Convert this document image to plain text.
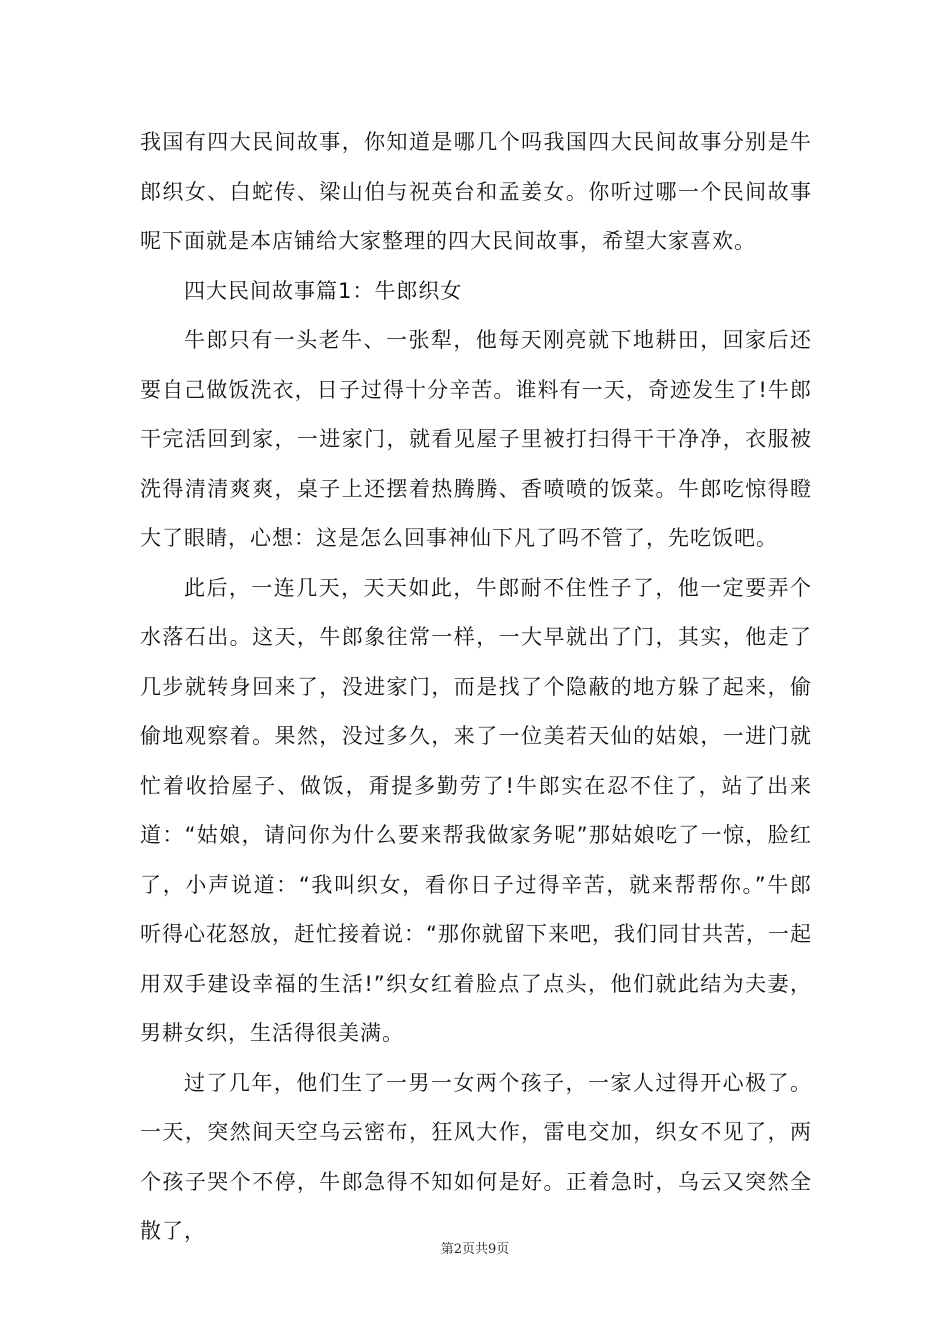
我国有四大民间故事，你知道是哪几个吗我国四大民间故事分别是牛郎织女、白蛇传、梁山伯与祝英台和孟姜女。你听过哪一个民间故事呢下面就是本店铺给大家整理的四大民间故事，希望大家喜欢。

四大民间故事篇1：牛郎织女

牛郎只有一头老牛、一张犁，他每天刚亮就下地耕田，回家后还要自己做饭洗衣，日子过得十分辛苦。谁料有一天，奇迹发生了!牛郎干完活回到家，一进家门，就看见屋子里被打扫得干干净净，衣服被洗得清清爽爽，桌子上还摆着热腾腾、香喷喷的饭菜。牛郎吃惊得瞪大了眼睛，心想：这是怎么回事神仙下凡了吗不管了，先吃饭吧。

此后，一连几天，天天如此，牛郎耐不住性子了，他一定要弄个水落石出。这天，牛郎象往常一样，一大早就出了门，其实，他走了几步就转身回来了，没进家门，而是找了个隐蔽的地方躲了起来，偷偷地观察着。果然，没过多久，来了一位美若天仙的姑娘，一进门就忙着收拾屋子、做饭，甭提多勤劳了!牛郎实在忍不住了，站了出来道：“姑娘，请问你为什么要来帮我做家务呢”那姑娘吃了一惊，脸红了，小声说道：“我叫织女，看你日子过得辛苦，就来帮帮你。”牛郎听得心花怒放，赶忙接着说：“那你就留下来吧，我们同甘共苦，一起用双手建设幸福的生活!”织女红着脸点了点头，他们就此结为夫妻，男耕女织，生活得很美满。

过了几年，他们生了一男一女两个孩子，一家人过得开心极了。一天，突然间天空乌云密布，狂风大作，雷电交加，织女不见了，两个孩子哭个不停，牛郎急得不知如何是好。正着急时，乌云又突然全散了，

第2页共9页
